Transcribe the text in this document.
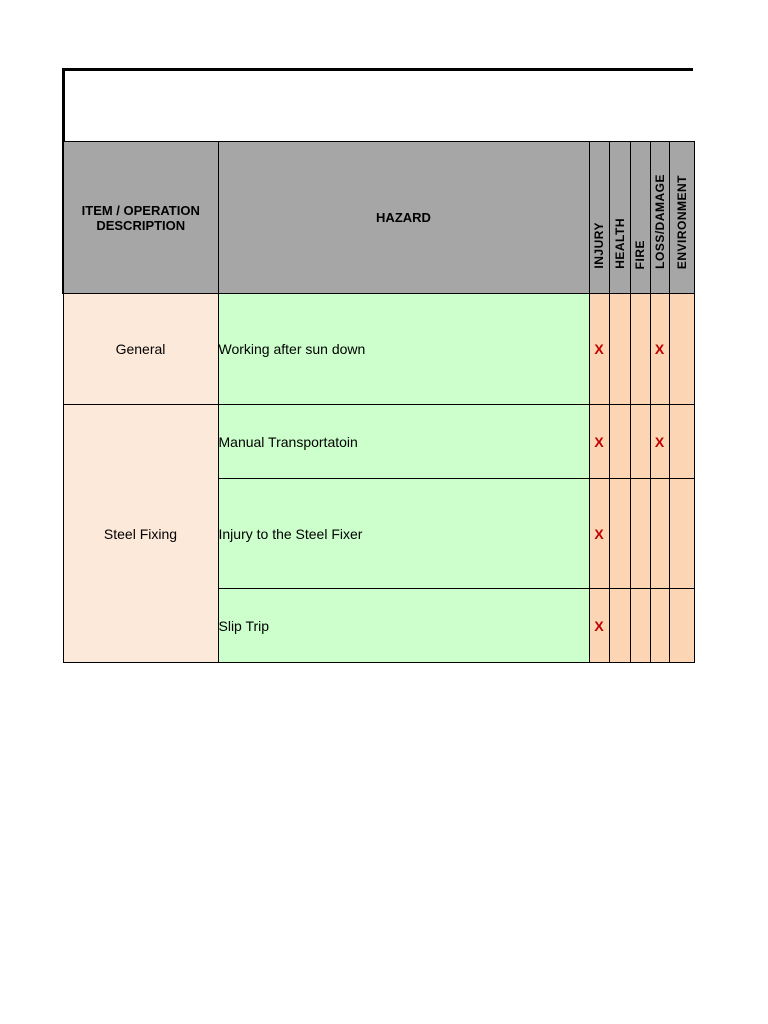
ITEM / OPERATION DESCRIPTION	HAZARD	INJURY	HEALTH	FIRE	LOSS/DAMAGE	ENVIRONMENT

General	Working after sun down	X			X	
Steel Fixing	Manual Transportatoin	X			X	
	Injury to the Steel Fixer	X				
	Slip Trip	X				
